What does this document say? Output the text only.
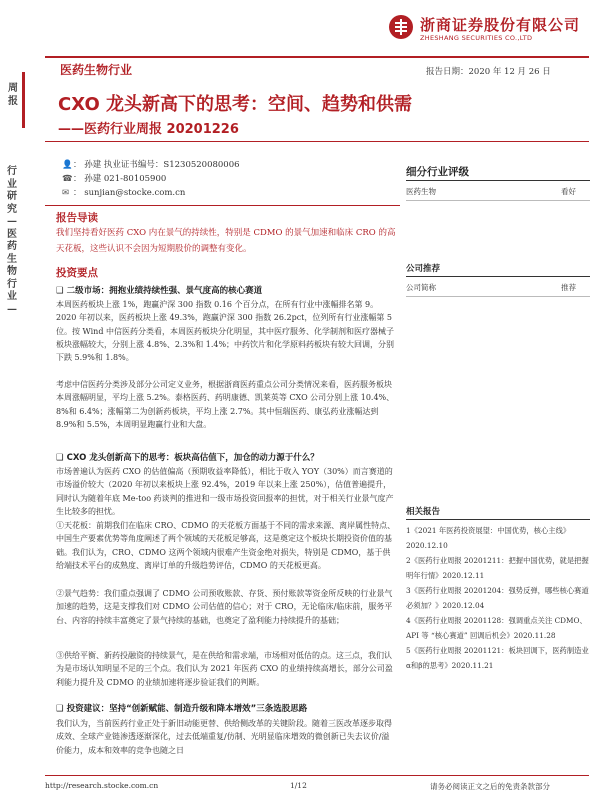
浙商证券股份有限公司
ZHESHANG SECURITIES CO.,LTD
医药生物行业	报告日期：2020 年 12 月 26 日
周报
行业研究—医药生物行业—
CXO 龙头新高下的思考：空间、趋势和供需
——医药行业周报 20201226
👤： 孙建 执业证书编号：S1230520080006
☎： 孙建 021-80105900
✉ ： sunjian@stocke.com.cn
报告导读
我们坚持看好医药 CXO 内在景气的持续性，特别是 CDMO 的景气加速和临床 CRO 的高天花板，这些认识不会因为短期股价的调整有变化。
投资要点
❑ 二级市场：拥抱业绩持续性强、景气度高的核心赛道
本周医药板块上涨 1%，跑赢沪深 300 指数 0.16 个百分点，在所有行业中涨幅排名第 9。2020 年初以来，医药板块上涨 49.3%，跑赢沪深 300 指数 26.2pct，位列所有行业涨幅第 5 位。按 Wind 中信医药分类看，本周医药板块分化明显，其中医疗服务、化学制剂和医疗器械子板块涨幅较大，分别上涨 4.8%、2.3%和 1.4%；中药饮片和化学原料药板块有较大回调，分别下跌 5.9%和 1.8%。
考虑中信医药分类涉及部分公司定义业务，根据浙商医药重点公司分类情况来看，医药服务板块本周涨幅明显，平均上涨 5.2%。泰格医药、药明康德、凯莱英等 CXO 公司分别上涨 10.4%、8%和 6.4%；涨幅第二为创新药板块，平均上涨 2.7%。其中恒瑞医药、康弘药业涨幅达到 8.9%和 5.5%，本周明显跑赢行业和大盘。
❑ CXO 龙头创新高下的思考：板块高估值下，加仓的动力源于什么？
市场普遍认为医药 CXO 的估值偏高（预期收益率降低），相比于收入 YOY（30%）而言赛道的市场溢价较大（2020 年初以来板块上涨 92.4%，2019 年以来上涨 250%），估值普遍提升，同时认为随着年底 Me-too 药谈判的推进和一级市场投资回报率的担忧，对于相关行业景气度产生比较多的担忧。
①天花板：前期我们在临床 CRO、CDMO 的天花板方面基于不同的需求来源、离岸属性特点、中国生产要素优势等角度阐述了两个领域的天花板足够高，这是奠定这个板块长期投资价值的基础。我们认为，CRO、CDMO 这两个领域内很难产生资金绝对损失，特别是 CDMO，基于供给端技术平台的成熟度、离岸订单的升级趋势评估，CDMO 的天花板更高。
②景气趋势：我们重点强调了 CDMO 公司预收账款、存货、预付账款等资金所反映的行业景气加速的趋势，这是支撑我们对 CDMO 公司估值的信心；对于 CRO，无论临床/临床前，服务平台、内容的持续丰富奠定了景气持续的基础，也奠定了盈利能力持续提升的基础；
③供给平衡、新药投融资的持续景气，是在供给和需求端，市场相对低估的点。这三点，我们认为是市场认知明显不足的三个点。我们认为 2021 年医药 CXO 的业绩持续高增长，部分公司盈利能力提升及 CDMO 的业绩加速将逐步验证我们的判断。
❑ 投资建议：坚持“创新赋能、制造升级和降本增效”三条选股思路
我们认为，当前医药行业正处于新旧动能更替、供给侧改革的关键阶段。随着三医改革逐步取得成效、全球产业链渗透逐渐深化，过去低端重复/仿制、光明显临床增效的微创新已失去议价/溢价能力，成本和效率的竞争也随之日
细分行业评级
医药生物	看好
公司推荐
公司简称	推荐
相关报告
1《2021 年医药投资展望：中国优势，核心主线》2020.12.10
2《医药行业周报 20201211：把握中国优势，就是把握明年行情》2020.12.11
3《医药行业周报 20201204：强势反弹，哪些核心赛道必须加？》2020.12.04
4《医药行业周报 20201128：强调重点关注 CDMO、API 等 “核心赛道” 回调后机会》2020.11.28
5《医药行业周报 20201121：板块回调下，医药制造业α和β的思考》2020.11.21
http://research.stocke.com.cn	1/12	请务必阅读正文之后的免责条款部分
